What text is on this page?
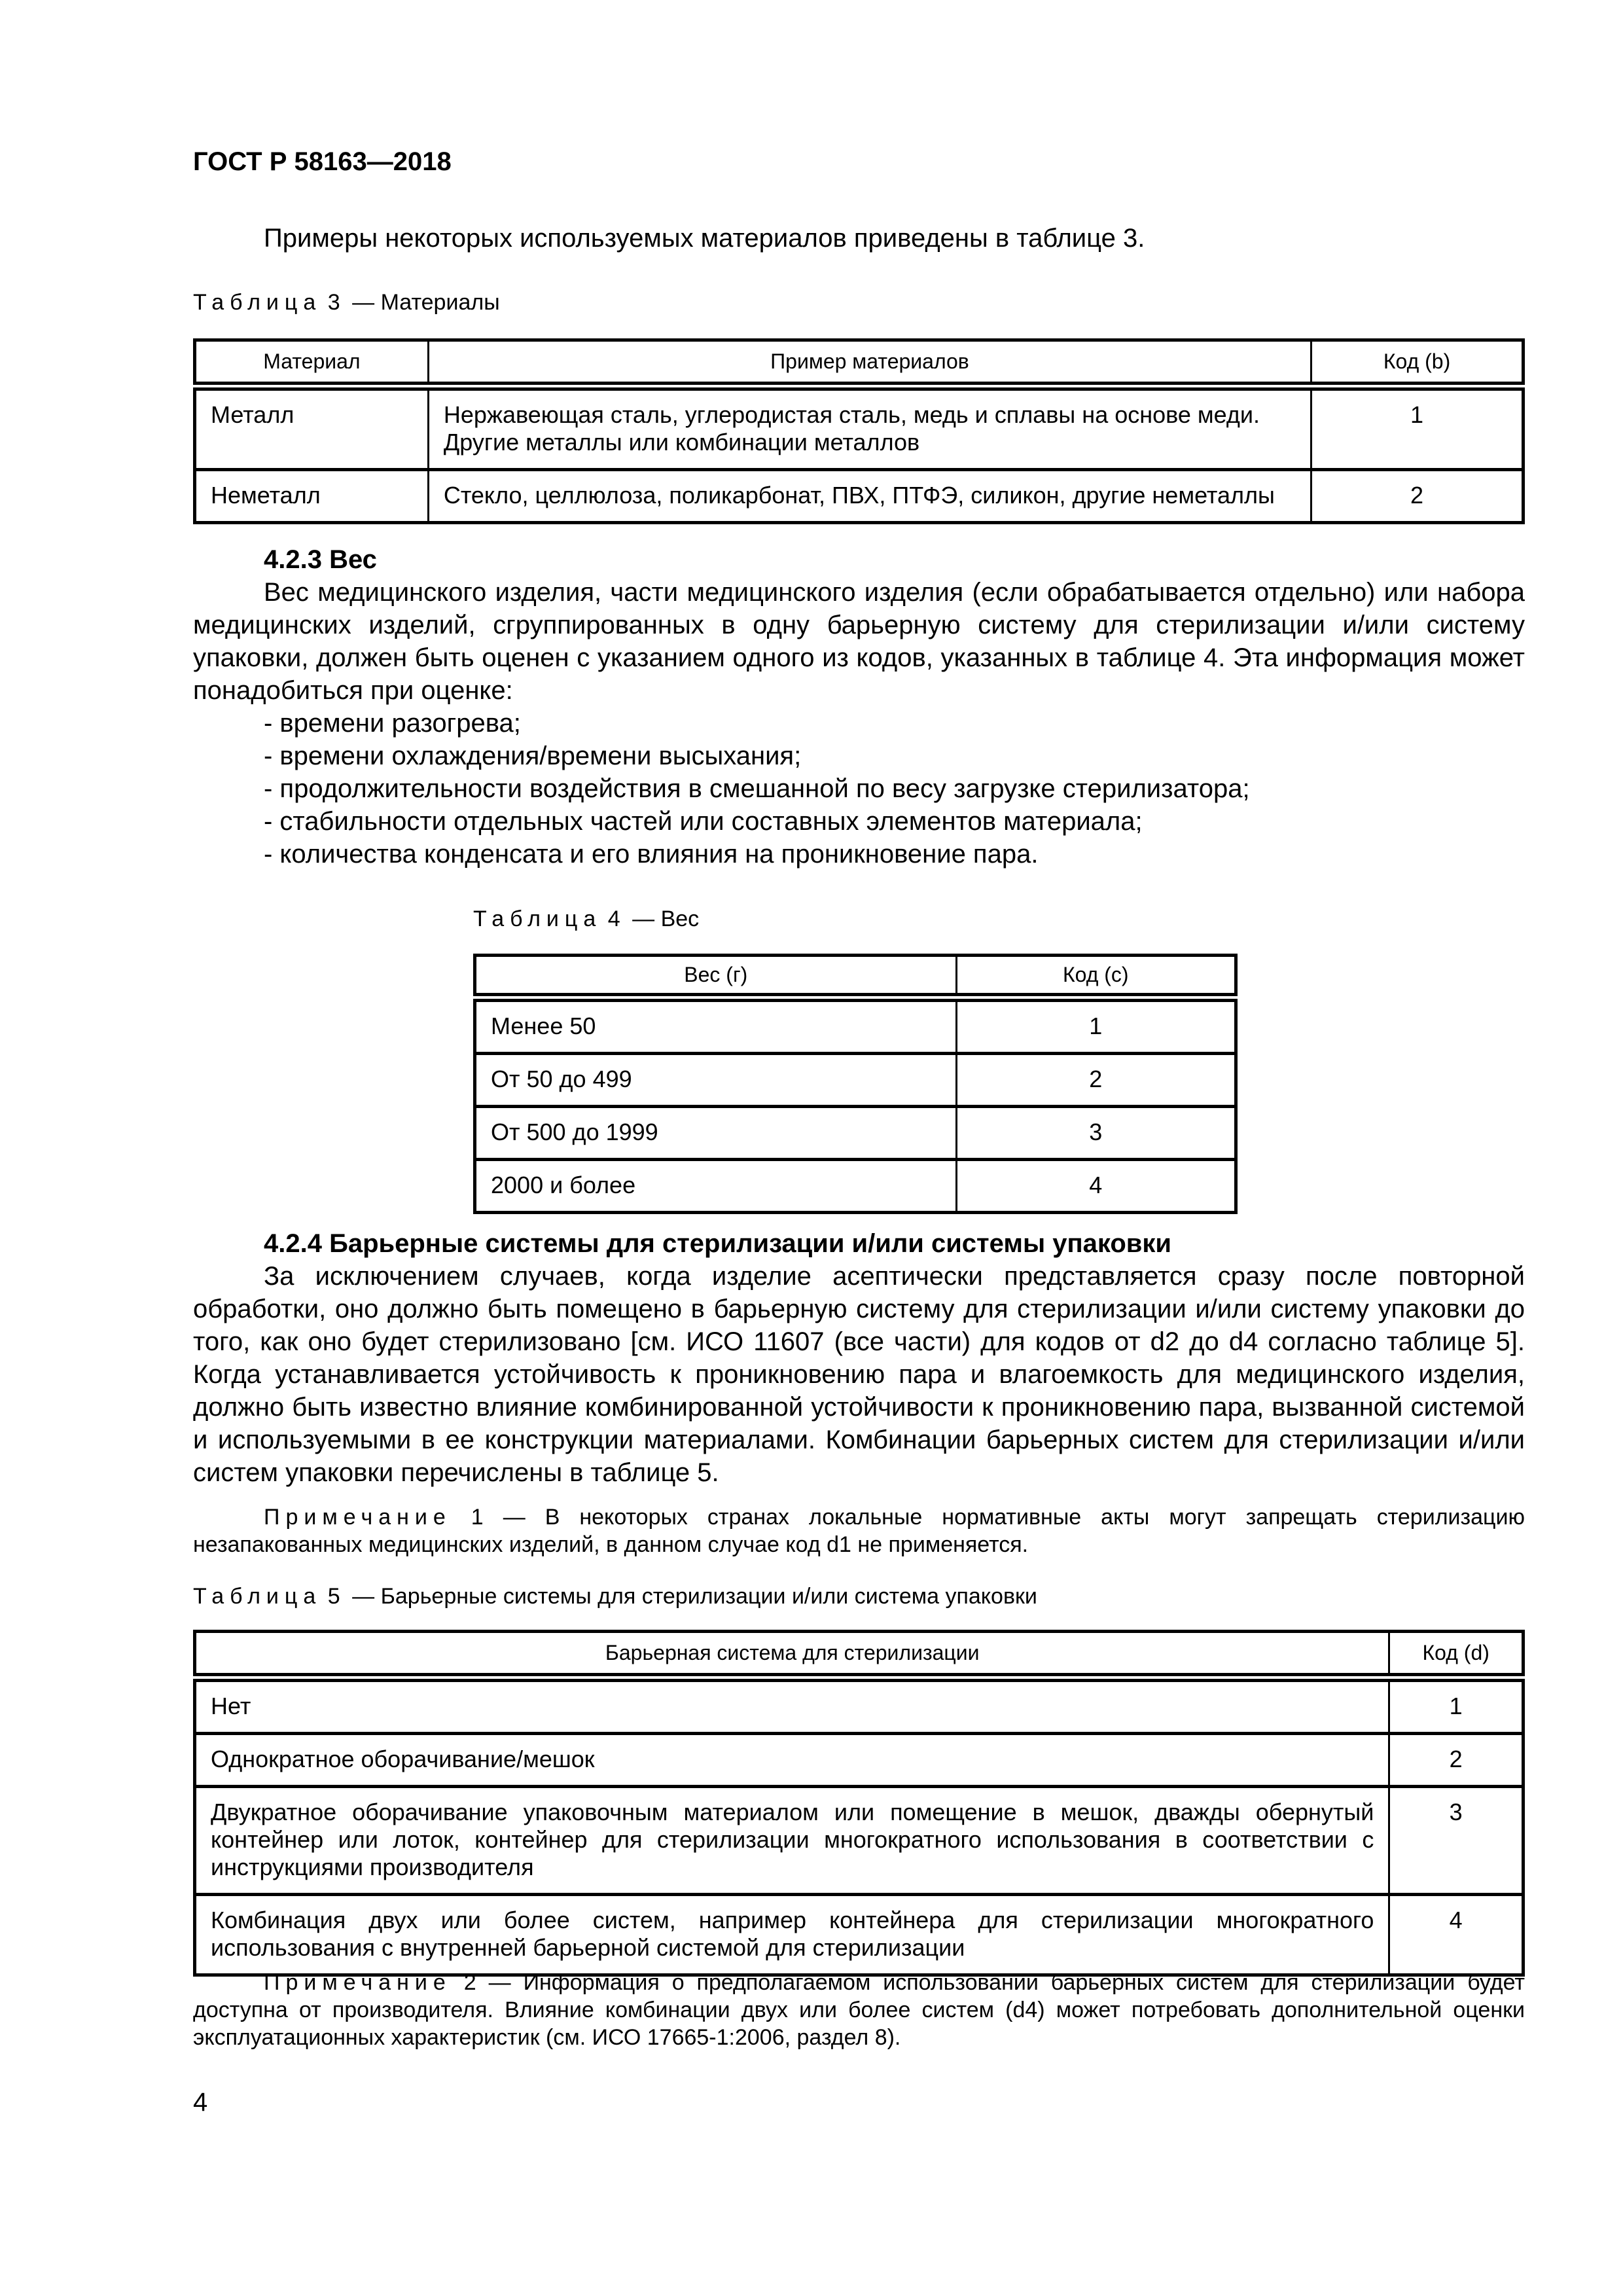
ГОСТ Р 58163—2018
Примеры некоторых используемых материалов приведены в таблице 3.
Таблица 3 — Материалы
Материал	Пример материалов	Код (b)
Металл	Нержавеющая сталь, углеродистая сталь, медь и сплавы на основе меди. Другие металлы или комбинации металлов	1
Неметалл	Стекло, целлюлоза, поликарбонат, ПВХ, ПТФЭ, силикон, другие неметаллы	2
4.2.3 Вес
Вес медицинского изделия, части медицинского изделия (если обрабатывается отдельно) или набора медицинских изделий, сгруппированных в одну барьерную систему для стерилизации и/или систему упаковки, должен быть оценен с указанием одного из кодов, указанных в таблице 4. Эта информация может понадобиться при оценке:
- времени разогрева;
- времени охлаждения/времени высыхания;
- продолжительности воздействия в смешанной по весу загрузке стерилизатора;
- стабильности отдельных частей или составных элементов материала;
- количества конденсата и его влияния на проникновение пара.
Таблица 4 — Вес
Вес (г)	Код (c)
Менее 50	1
От 50 до 499	2
От 500 до 1999	3
2000 и более	4
4.2.4 Барьерные системы для стерилизации и/или системы упаковки
За исключением случаев, когда изделие асептически представляется сразу после повторной обработки, оно должно быть помещено в барьерную систему для стерилизации и/или систему упаковки до того, как оно будет стерилизовано [см. ИСО 11607 (все части) для кодов от d2 до d4 согласно таблице 5]. Когда устанавливается устойчивость к проникновению пара и влагоемкость для медицинского изделия, должно быть известно влияние комбинированной устойчивости к проникновению пара, вызванной системой и используемыми в ее конструкции материалами. Комбинации барьерных систем для стерилизации и/или систем упаковки перечислены в таблице 5.
Примечание 1 — В некоторых странах локальные нормативные акты могут запрещать стерилизацию незапакованных медицинских изделий, в данном случае код d1 не применяется.
Таблица 5 — Барьерные системы для стерилизации и/или система упаковки
Барьерная система для стерилизации	Код (d)
Нет	1
Однократное оборачивание/мешок	2
Двукратное оборачивание упаковочным материалом или помещение в мешок, дважды обернутый контейнер или лоток, контейнер для стерилизации многократного использования в соответствии с инструкциями производителя	3
Комбинация двух или более систем, например контейнера для стерилизации многократного использования с внутренней барьерной системой для стерилизации	4
Примечание 2 — Информация о предполагаемом использовании барьерных систем для стерилизации будет доступна от производителя. Влияние комбинации двух или более систем (d4) может потребовать дополнительной оценки эксплуатационных характеристик (см. ИСО 17665-1:2006, раздел 8).
4
